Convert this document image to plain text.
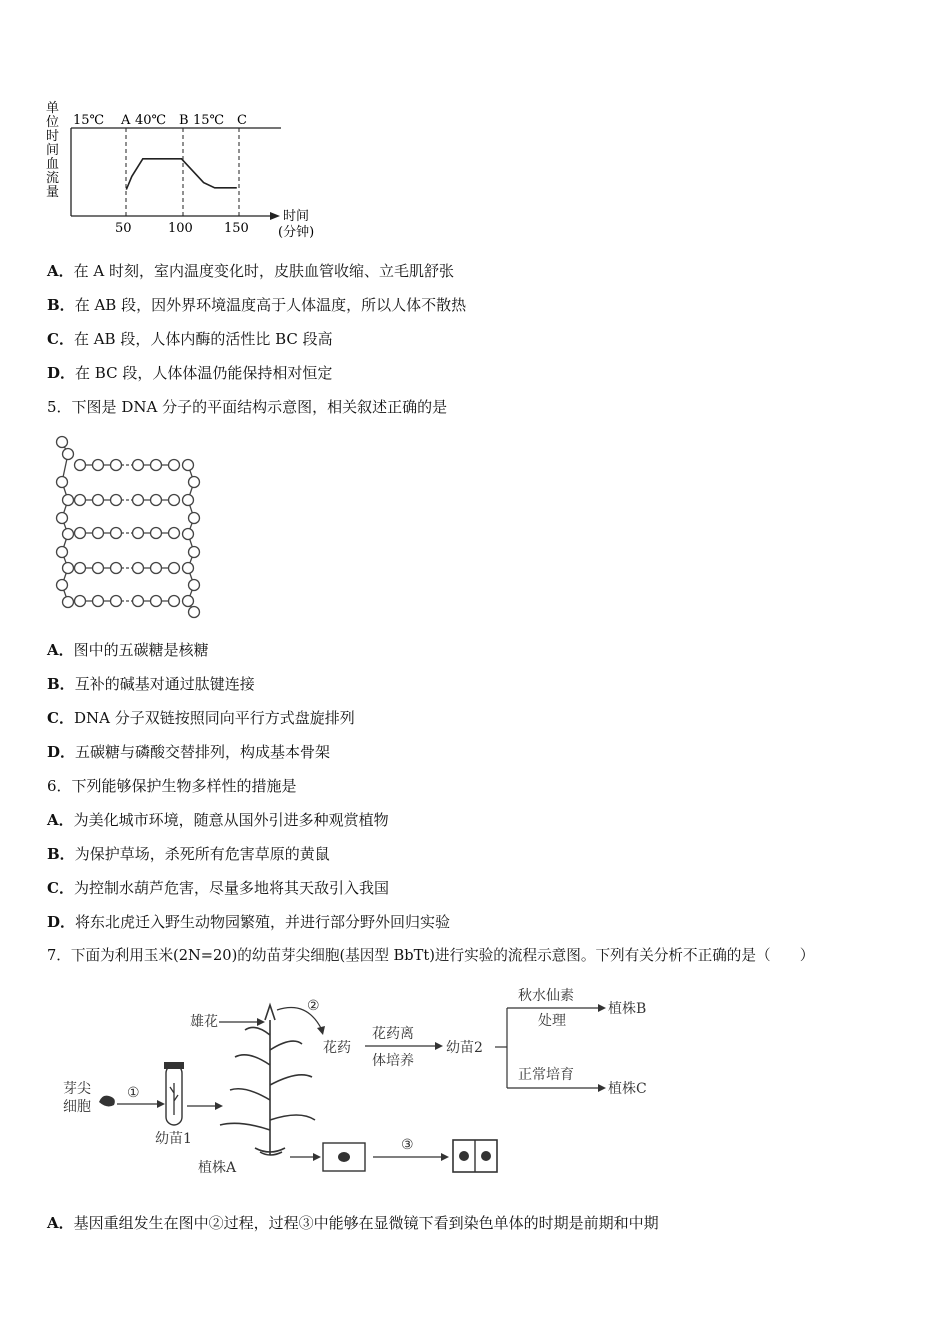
单
位
时
间
血
流
量
15℃ A 40℃ B 15℃ C
50	100 150
时间
(分钟)
A．在 A 时刻，室内温度变化时，皮肤血管收缩、立毛肌舒张
B．在 AB 段，因外界环境温度高于人体温度，所以人体不散热
C．在 AB 段，人体内酶的活性比 BC 段高
D．在 BC 段，人体体温仍能保持相对恒定
5．下图是 DNA 分子的平面结构示意图，相关叙述正确的是
A．图中的五碳糖是核糖
B．互补的碱基对通过肽键连接
C．DNA 分子双链按照同向平行方式盘旋排列
D．五碳糖与磷酸交替排列，构成基本骨架
6．下列能够保护生物多样性的措施是
A．为美化城市环境，随意从国外引进多种观赏植物
B．为保护草场，杀死所有危害草原的黄鼠
C．为控制水葫芦危害，尽量多地将其天敌引入我国
D．将东北虎迁入野生动物园繁殖，并进行部分野外回归实验
7．下面为利用玉米(2N=20)的幼苗芽尖细胞(基因型 BbTt)进行实验的流程示意图。下列有关分析不正确的是（　　）
芽尖
细胞
①
幼苗1
植株A
雄花
②
花药
花药离
体培养
幼苗2
秋水仙素
处理
植株B
正常培育
植株C
③
A．基因重组发生在图中②过程，过程③中能够在显微镜下看到染色单体的时期是前期和中期
